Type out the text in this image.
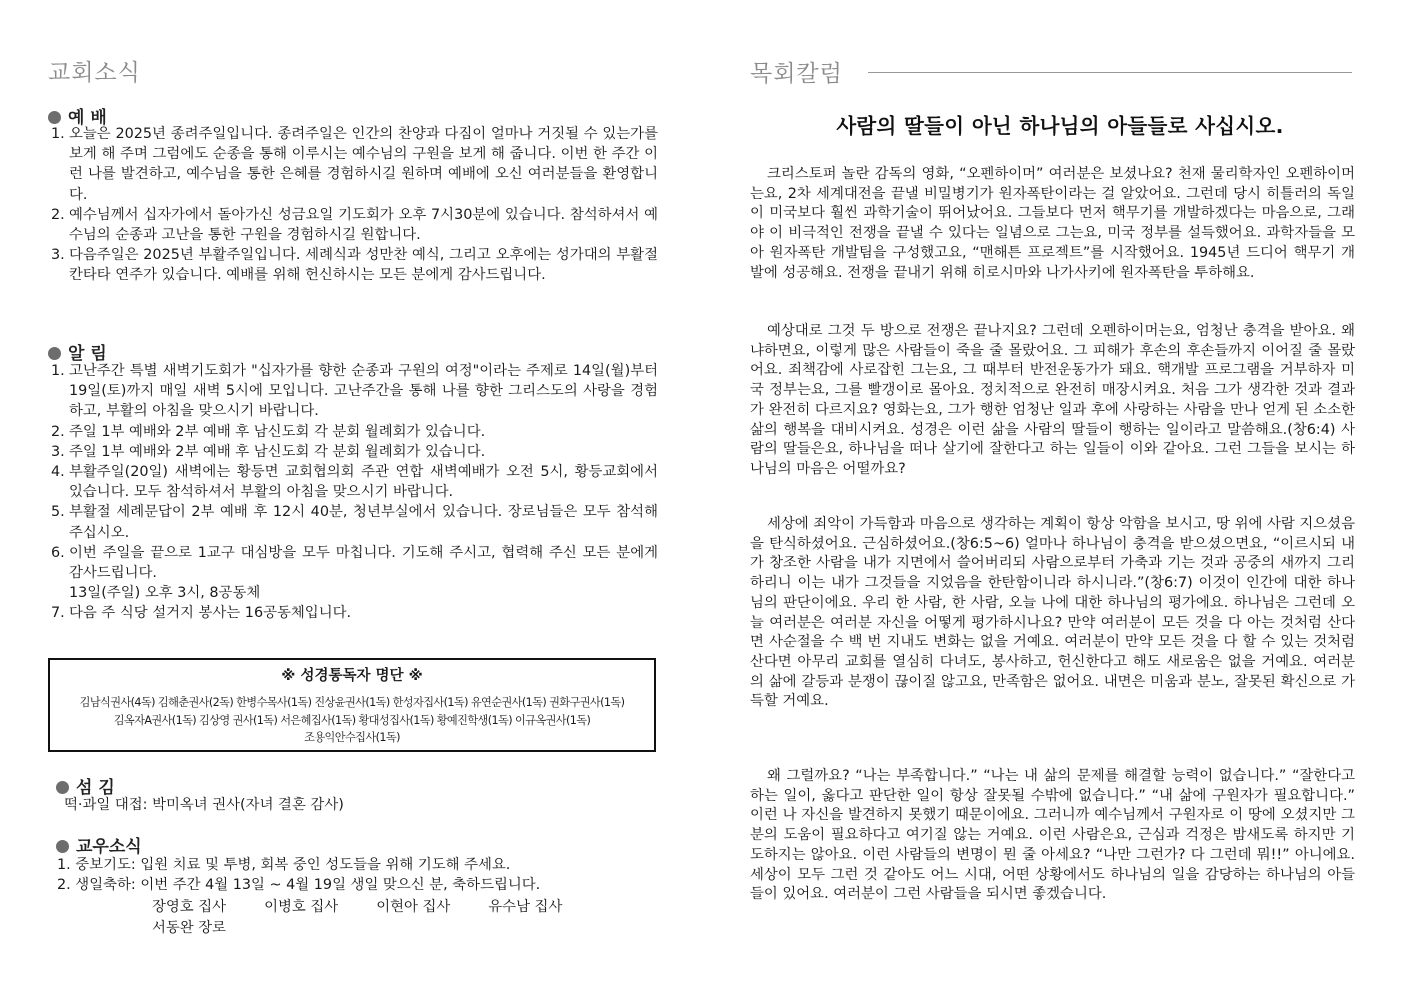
교회소식
예 배
1. 오늘은 2025년 종려주일입니다. 종려주일은 인간의 찬양과 다짐이 얼마나 거짓될 수 있는가를 보게 해 주며 그럼에도 순종을 통해 이루시는 예수님의 구원을 보게 해 줍니다. 이번 한 주간 이런 나를 발견하고, 예수님을 통한 은혜를 경험하시길 원하며 예배에 오신 여러분들을 환영합니다.
2. 예수님께서 십자가에서 돌아가신 성금요일 기도회가 오후 7시30분에 있습니다. 참석하셔서 예수님의 순종과 고난을 통한 구원을 경험하시길 원합니다.
3. 다음주일은 2025년 부활주일입니다. 세례식과 성만찬 예식, 그리고 오후에는 성가대의 부활절 칸타타 연주가 있습니다. 예배를 위해 헌신하시는 모든 분에게 감사드립니다.
알 림
1. 고난주간 특별 새벽기도회가 "십자가를 향한 순종과 구원의 여정"이라는 주제로 14일(월)부터 19일(토)까지 매일 새벽 5시에 모입니다. 고난주간을 통해 나를 향한 그리스도의 사랑을 경험하고, 부활의 아침을 맞으시기 바랍니다.
2. 주일 1부 예배와 2부 예배 후 남신도회 각 분회 월례회가 있습니다.
3. 주일 1부 예배와 2부 예배 후 남신도회 각 분회 월례회가 있습니다.
4. 부활주일(20일) 새벽에는 황등면 교회협의회 주관 연합 새벽예배가 오전 5시, 황등교회에서 있습니다. 모두 참석하셔서 부활의 아침을 맞으시기 바랍니다.
5. 부활절 세례문답이 2부 예배 후 12시 40분, 청년부실에서 있습니다. 장로님들은 모두 참석해 주십시오.
6. 이번 주일을 끝으로 1교구 대심방을 모두 마칩니다. 기도해 주시고, 협력해 주신 모든 분에게 감사드립니다.
13일(주일) 오후 3시, 8공동체
7. 다음 주 식당 설거지 봉사는 16공동체입니다.
※ 성경통독자 명단 ※
김남식권사(4독) 김해춘권사(2독) 한병수목사(1독) 진상윤권사(1독) 한성자집사(1독) 유연순권사(1독) 권화구권사(1독)
김옥자A권사(1독) 김상영 권사(1독) 서은혜집사(1독) 황대성집사(1독) 황예진학생(1독) 이규옥권사(1독)
조용익안수집사(1독)
섬 김
떡·과일 대접: 박미옥녀 권사(자녀 결혼 감사)
교우소식
1. 중보기도: 입원 치료 및 투병, 회복 중인 성도들을 위해 기도해 주세요.
2. 생일축하: 이번 주간 4월 13일 ~ 4월 19일 생일 맞으신 분, 축하드립니다.
장영호 집사	이병호 집사	이현아 집사	유수남 집사
서동완 장로
목회칼럼
사람의 딸들이 아닌 하나님의 아들들로 사십시오.

크리스토퍼 놀란 감독의 영화, “오펜하이머” 여러분은 보셨나요? 천재 물리학자인 오펜하이머는요, 2차 세계대전을 끝낼 비밀병기가 원자폭탄이라는 걸 알았어요. 그런데 당시 히틀러의 독일이 미국보다 훨씬 과학기술이 뛰어났어요. 그들보다 먼저 핵무기를 개발하겠다는 마음으로, 그래야 이 비극적인 전쟁을 끝낼 수 있다는 일념으로 그는요, 미국 정부를 설득했어요. 과학자들을 모아 원자폭탄 개발팀을 구성했고요, “맨해튼 프로젝트”를 시작했어요. 1945년 드디어 핵무기 개발에 성공해요. 전쟁을 끝내기 위해 히로시마와 나가사키에 원자폭탄을 투하해요.

예상대로 그것 두 방으로 전쟁은 끝나지요? 그런데 오펜하이머는요, 엄청난 충격을 받아요. 왜냐하면요, 이렇게 많은 사람들이 죽을 줄 몰랐어요. 그 피해가 후손의 후손들까지 이어질 줄 몰랐어요. 죄책감에 사로잡힌 그는요, 그 때부터 반전운동가가 돼요. 핵개발 프로그램을 거부하자 미국 정부는요, 그를 빨갱이로 몰아요. 정치적으로 완전히 매장시켜요. 처음 그가 생각한 것과 결과가 완전히 다르지요? 영화는요, 그가 행한 엄청난 일과 후에 사랑하는 사람을 만나 얻게 된 소소한 삶의 행복을 대비시켜요. 성경은 이런 삶을 사람의 딸들이 행하는 일이라고 말씀해요.(창6:4) 사람의 딸들은요, 하나님을 떠나 살기에 잘한다고 하는 일들이 이와 같아요. 그런 그들을 보시는 하나님의 마음은 어떨까요?

세상에 죄악이 가득함과 마음으로 생각하는 계획이 항상 악함을 보시고, 땅 위에 사람 지으셨음을 탄식하셨어요. 근심하셨어요.(창6:5~6) 얼마나 하나님이 충격을 받으셨으면요, “이르시되 내가 창조한 사람을 내가 지면에서 쓸어버리되 사람으로부터 가축과 기는 것과 공중의 새까지 그리하리니 이는 내가 그것들을 지었음을 한탄함이니라 하시니라.”(창6:7) 이것이 인간에 대한 하나님의 판단이에요. 우리 한 사람, 한 사람, 오늘 나에 대한 하나님의 평가에요. 하나님은 그런데 오늘 여러분은 여러분 자신을 어떻게 평가하시나요? 만약 여러분이 모든 것을 다 아는 것처럼 산다면 사순절을 수 백 번 지내도 변화는 없을 거예요. 여러분이 만약 모든 것을 다 할 수 있는 것처럼 산다면 아무리 교회를 열심히 다녀도, 봉사하고, 헌신한다고 해도 새로움은 없을 거예요. 여러분의 삶에 갈등과 분쟁이 끊이질 않고요, 만족함은 없어요. 내면은 미움과 분노, 잘못된 확신으로 가득할 거예요.

왜 그럴까요? “나는 부족합니다.” “나는 내 삶의 문제를 해결할 능력이 없습니다.” “잘한다고 하는 일이, 옳다고 판단한 일이 항상 잘못될 수밖에 없습니다.” “내 삶에 구원자가 필요합니다.” 이런 나 자신을 발견하지 못했기 때문이에요. 그러니까 예수님께서 구원자로 이 땅에 오셨지만 그분의 도움이 필요하다고 여기질 않는 거예요. 이런 사람은요, 근심과 걱정은 밤새도록 하지만 기도하지는 않아요. 이런 사람들의 변명이 뭔 줄 아세요? “나만 그런가? 다 그런데 뭐!!” 아니에요. 세상이 모두 그런 것 같아도 어느 시대, 어떤 상황에서도 하나님의 일을 감당하는 하나님의 아들들이 있어요. 여러분이 그런 사람들을 되시면 좋겠습니다.
